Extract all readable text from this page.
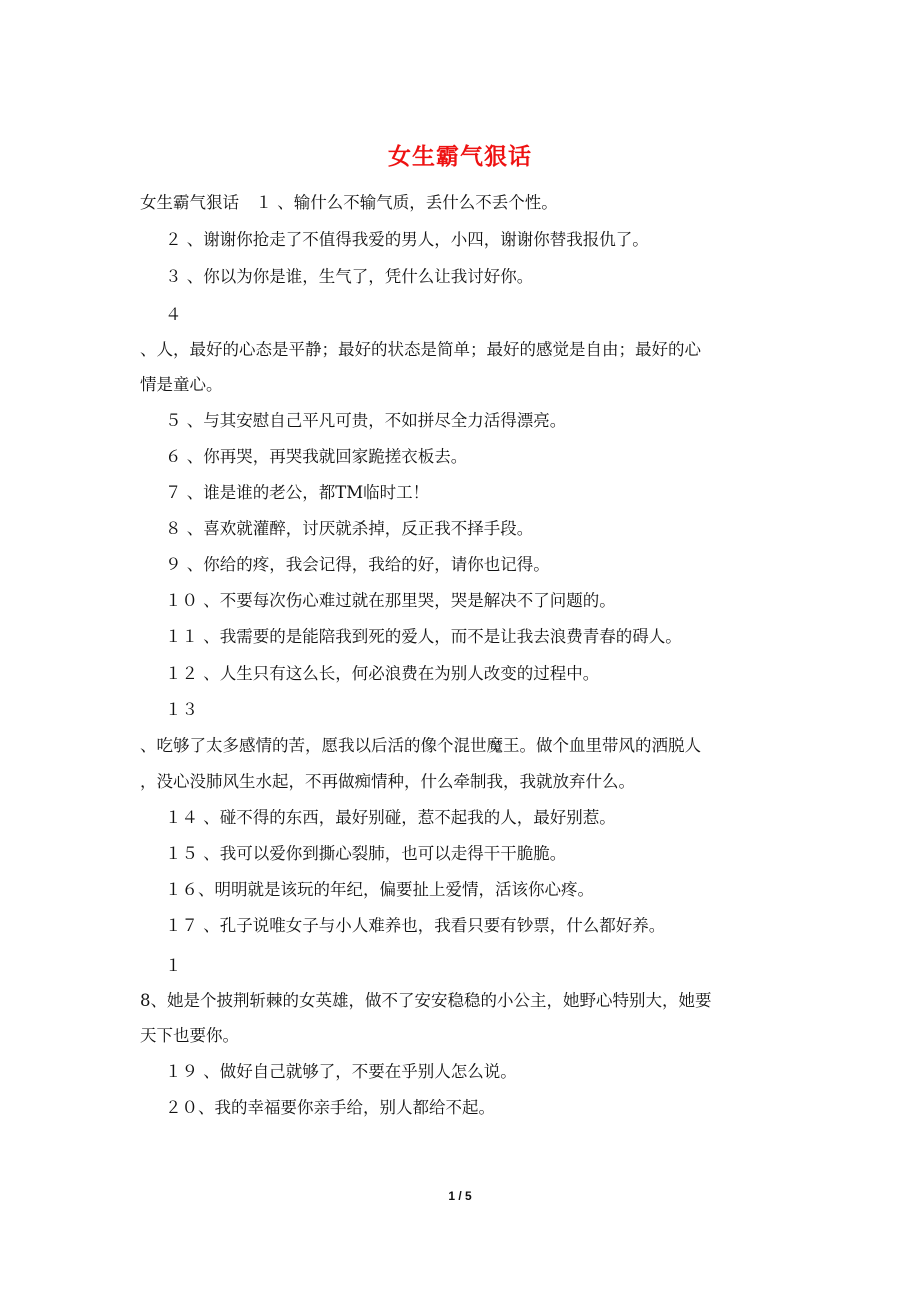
女生霸气狠话
女生霸气狠话　１ 、输什么不输气质，丢什么不丢个性。
２ 、谢谢你抢走了不值得我爱的男人，小四，谢谢你替我报仇了。
３ 、你以为你是谁，生气了，凭什么让我讨好你。
４
、人，最好的心态是平静；最好的状态是简单；最好的感觉是自由；最好的心
情是童心。
５ 、与其安慰自己平凡可贵，不如拼尽全力活得漂亮。
６ 、你再哭，再哭我就回家跪搓衣板去。
７ 、谁是谁的老公，都TM临时工！
８ 、喜欢就灌醉，讨厌就杀掉，反正我不择手段。
９ 、你给的疼，我会记得，我给的好，请你也记得。
１０ 、不要每次伤心难过就在那里哭，哭是解决不了问题的。
１１ 、我需要的是能陪我到死的爱人，而不是让我去浪费青春的碍人。
１２ 、人生只有这么长，何必浪费在为别人改变的过程中。
１３
、吃够了太多感情的苦，愿我以后活的像个混世魔王。做个血里带风的洒脱人
，没心没肺风生水起，不再做痴情种，什么牵制我，我就放弃什么。
１４ 、碰不得的东西，最好别碰，惹不起我的人，最好别惹。
１５ 、我可以爱你到撕心裂肺，也可以走得干干脆脆。
１６、明明就是该玩的年纪，偏要扯上爱情，活该你心疼。
１７ 、孔子说唯女子与小人难养也，我看只要有钞票，什么都好养。
１
8、她是个披荆斩棘的女英雄，做不了安安稳稳的小公主，她野心特别大，她要
天下也要你。
１９ 、做好自己就够了，不要在乎别人怎么说。
２０、我的幸福要你亲手给，别人都给不起。
1 / 5
